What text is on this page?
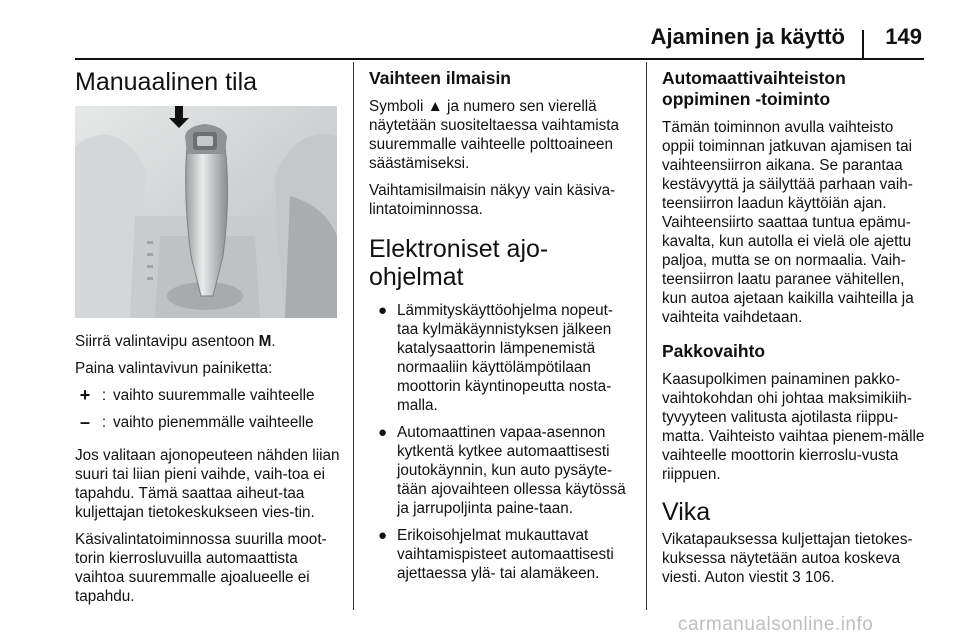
Ajaminen ja käyttö 149
Manuaalinen tila

Siirrä valintavipu asentoon M.

Paina valintavivun painiketta:

+ : vaihto suuremmalle vaihteelle
– : vaihto pienemmälle vaihteelle

Jos valitaan ajonopeuteen nähden liian suuri tai liian pieni vaihde, vaih-toa ei tapahdu. Tämä saattaa aiheut-taa kuljettajan tietokeskukseen vies-tin.

Käsivalintatoiminnossa suurilla moot-torin kierrosluvuilla automaattista vaihtoa suuremmalle ajoalueelle ei tapahdu.

Vaihteen ilmaisin

Symboli ▲ ja numero sen vierellä näytetään suositeltaessa vaihtamista suuremmalle vaihteelle polttoaineen säästämiseksi.

Vaihtamisilmaisin näkyy vain käsiva-lintatoiminnossa.

Elektroniset ajo-ohjelmat
● Lämmityskäyttöohjelma nopeut-taa kylmäkäynnistyksen jälkeen katalysaattorin lämpenemistä normaaliin käyttölämpötilaan moottorin käyntinopeutta nosta-malla.
● Automaattinen vapaa-asennon kytkentä kytkee automaattisesti joutokäynnin, kun auto pysäyte-tään ajovaihteen ollessa käytössä ja jarrupoljinta paine-taan.
● Erikoisohjelmat mukauttavat vaihtamispisteet automaattisesti ajettaessa ylä- tai alamäkeen.
Automaattivaihteiston oppiminen -toiminto

Tämän toiminnon avulla vaihteisto oppii toiminnan jatkuvan ajamisen tai vaihteensiirron aikana. Se parantaa kestävyyttä ja säilyttää parhaan vaih-teensiirron laadun käyttöiän ajan. Vaihteensiirto saattaa tuntua epämu-kavalta, kun autolla ei vielä ole ajettu paljoa, mutta se on normaalia. Vaih-teensiirron laatu paranee vähitellen, kun autoa ajetaan kaikilla vaihteilla ja vaihteita vaihdetaan.

Pakkovaihto

Kaasupolkimen painaminen pakko-vaihtokohdan ohi johtaa maksimikiih-tyvyyteen valitusta ajotilasta riippu-matta. Vaihteisto vaihtaa pienem-mälle vaihteelle moottorin kierroslu-vusta riippuen.

Vika

Vikatapauksessa kuljettajan tietokes-kuksessa näytetään autoa koskeva viesti. Auton viestit 3 106.

carmanualsonline.info
